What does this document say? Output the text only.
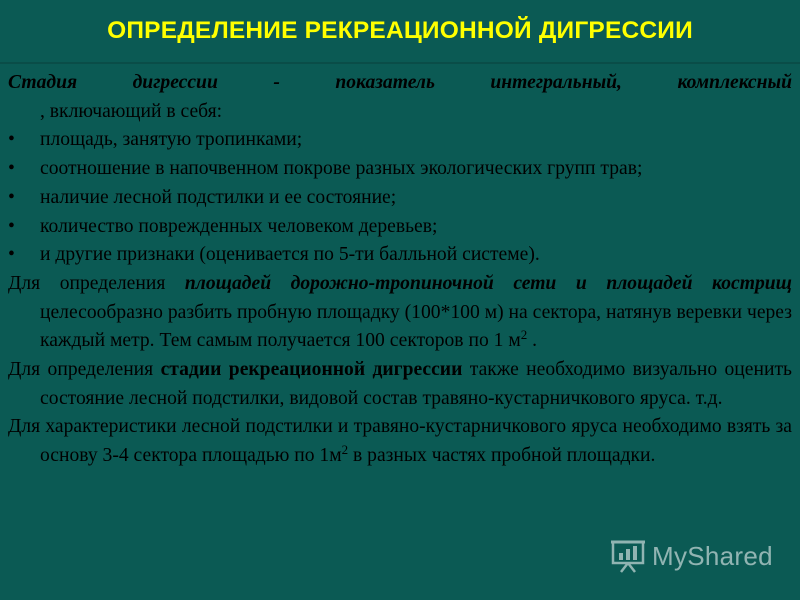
ОПРЕДЕЛЕНИЕ РЕКРЕАЦИОННОЙ ДИГРЕССИИ

Стадия дигрессии - показатель интегральный, комплексный
, включающий в себя:

•	площадь, занятую тропинками;

•	соотношение в напочвенном покрове разных экологических групп трав;

•	наличие лесной подстилки и ее состояние;

•	количество поврежденных человеком деревьев;

•	и другие признаки (оценивается по 5-ти балльной системе).

Для определения площадей дорожно-тропиночной сети и площадей кострищ целесообразно разбить пробную площадку (100*100 м) на сектора, натянув веревки через каждый метр. Тем самым получается 100 секторов по 1 $м^2$ .

Для определения стадии рекреационной дигрессии также необходимо визуально оценить состояние лесной подстилки, видовой состав травяно-кустарничкового яруса. т.д.

Для характеристики лесной подстилки и травяно-кустарничкового яруса необходимо взять за основу 3-4 сектора площадью по $1м^2$ в разных частях пробной площадки.

MyShared
